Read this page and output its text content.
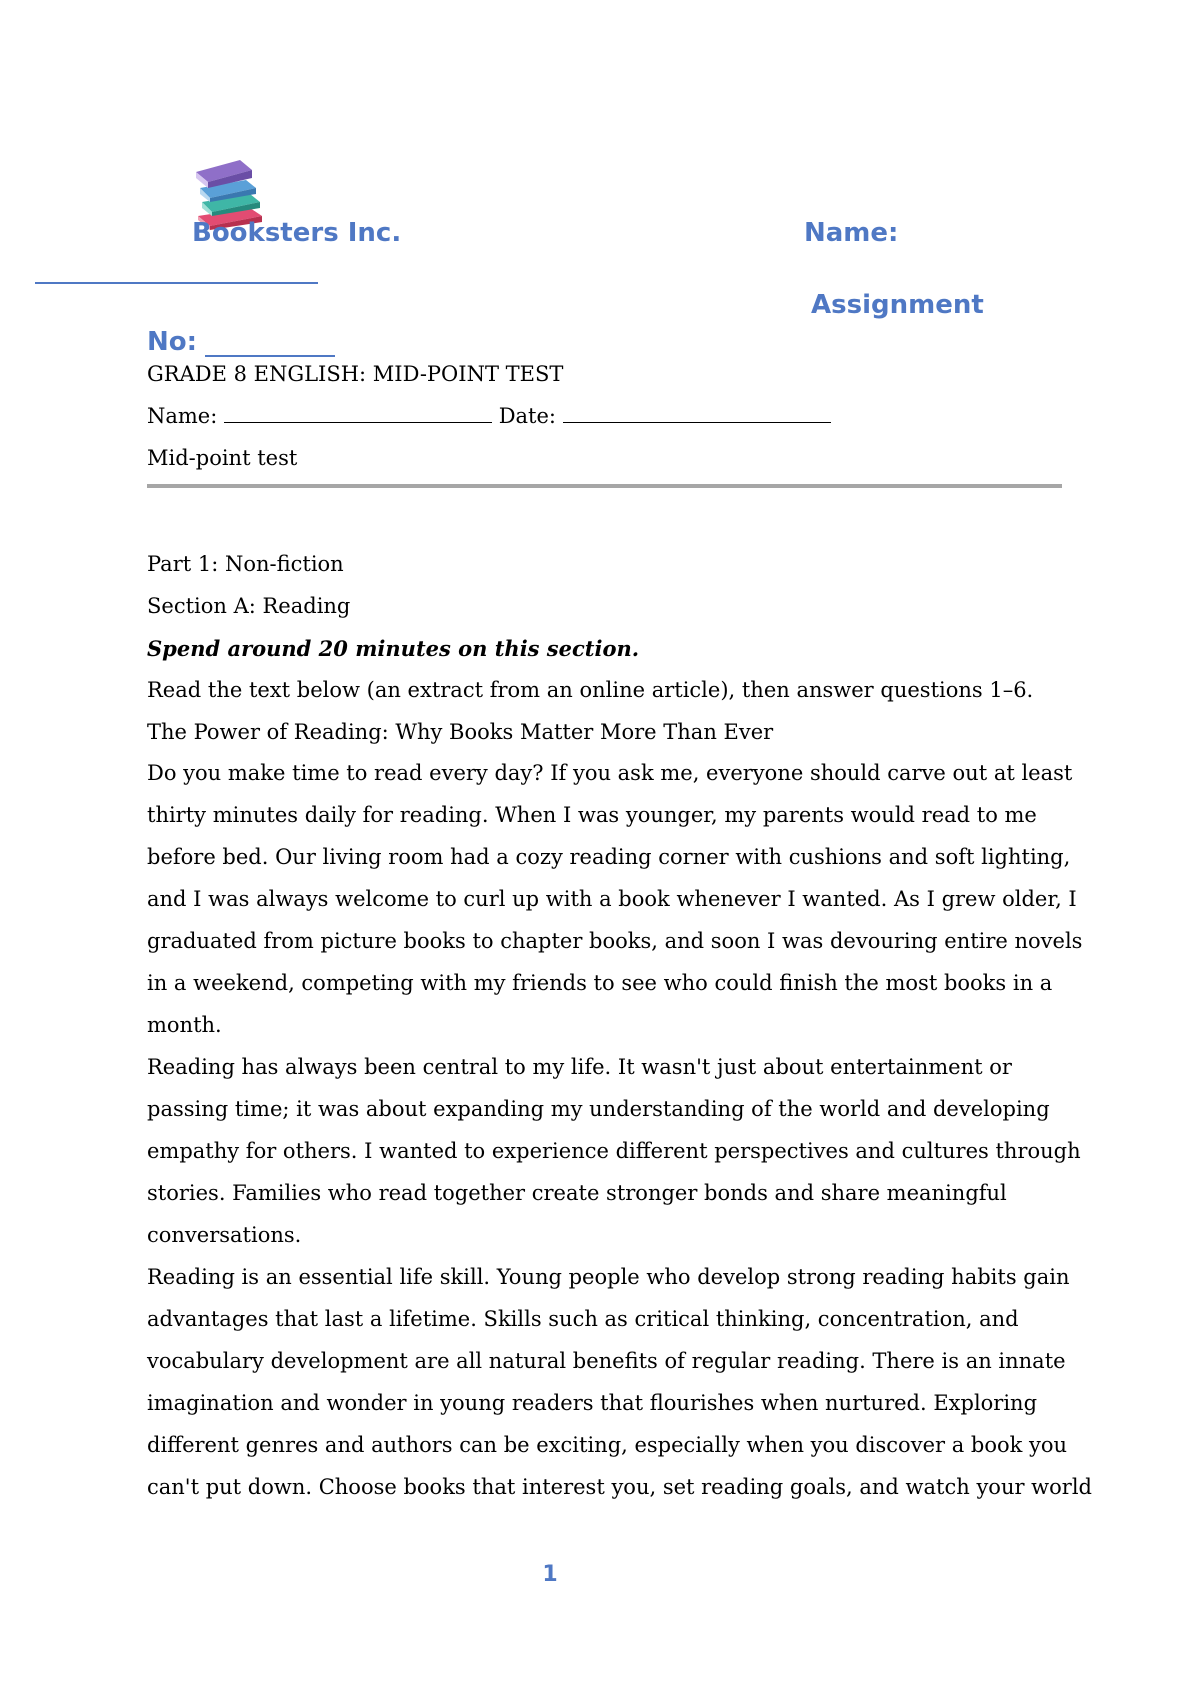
Booksters Inc.	Name:
Assignment
No:
GRADE 8 ENGLISH: MID-POINT TEST
Name:	Date:
Mid-point test
Part 1: Non-fiction
Section A: Reading
Spend around 20 minutes on this section.
Read the text below (an extract from an online article), then answer questions 1–6.
The Power of Reading: Why Books Matter More Than Ever
Do you make time to read every day? If you ask me, everyone should carve out at least
thirty minutes daily for reading. When I was younger, my parents would read to me
before bed. Our living room had a cozy reading corner with cushions and soft lighting,
and I was always welcome to curl up with a book whenever I wanted. As I grew older, I
graduated from picture books to chapter books, and soon I was devouring entire novels
in a weekend, competing with my friends to see who could finish the most books in a
month.
Reading has always been central to my life. It wasn't just about entertainment or
passing time; it was about expanding my understanding of the world and developing
empathy for others. I wanted to experience different perspectives and cultures through
stories. Families who read together create stronger bonds and share meaningful
conversations.
Reading is an essential life skill. Young people who develop strong reading habits gain
advantages that last a lifetime. Skills such as critical thinking, concentration, and
vocabulary development are all natural benefits of regular reading. There is an innate
imagination and wonder in young readers that flourishes when nurtured. Exploring
different genres and authors can be exciting, especially when you discover a book you
can't put down. Choose books that interest you, set reading goals, and watch your world
1
